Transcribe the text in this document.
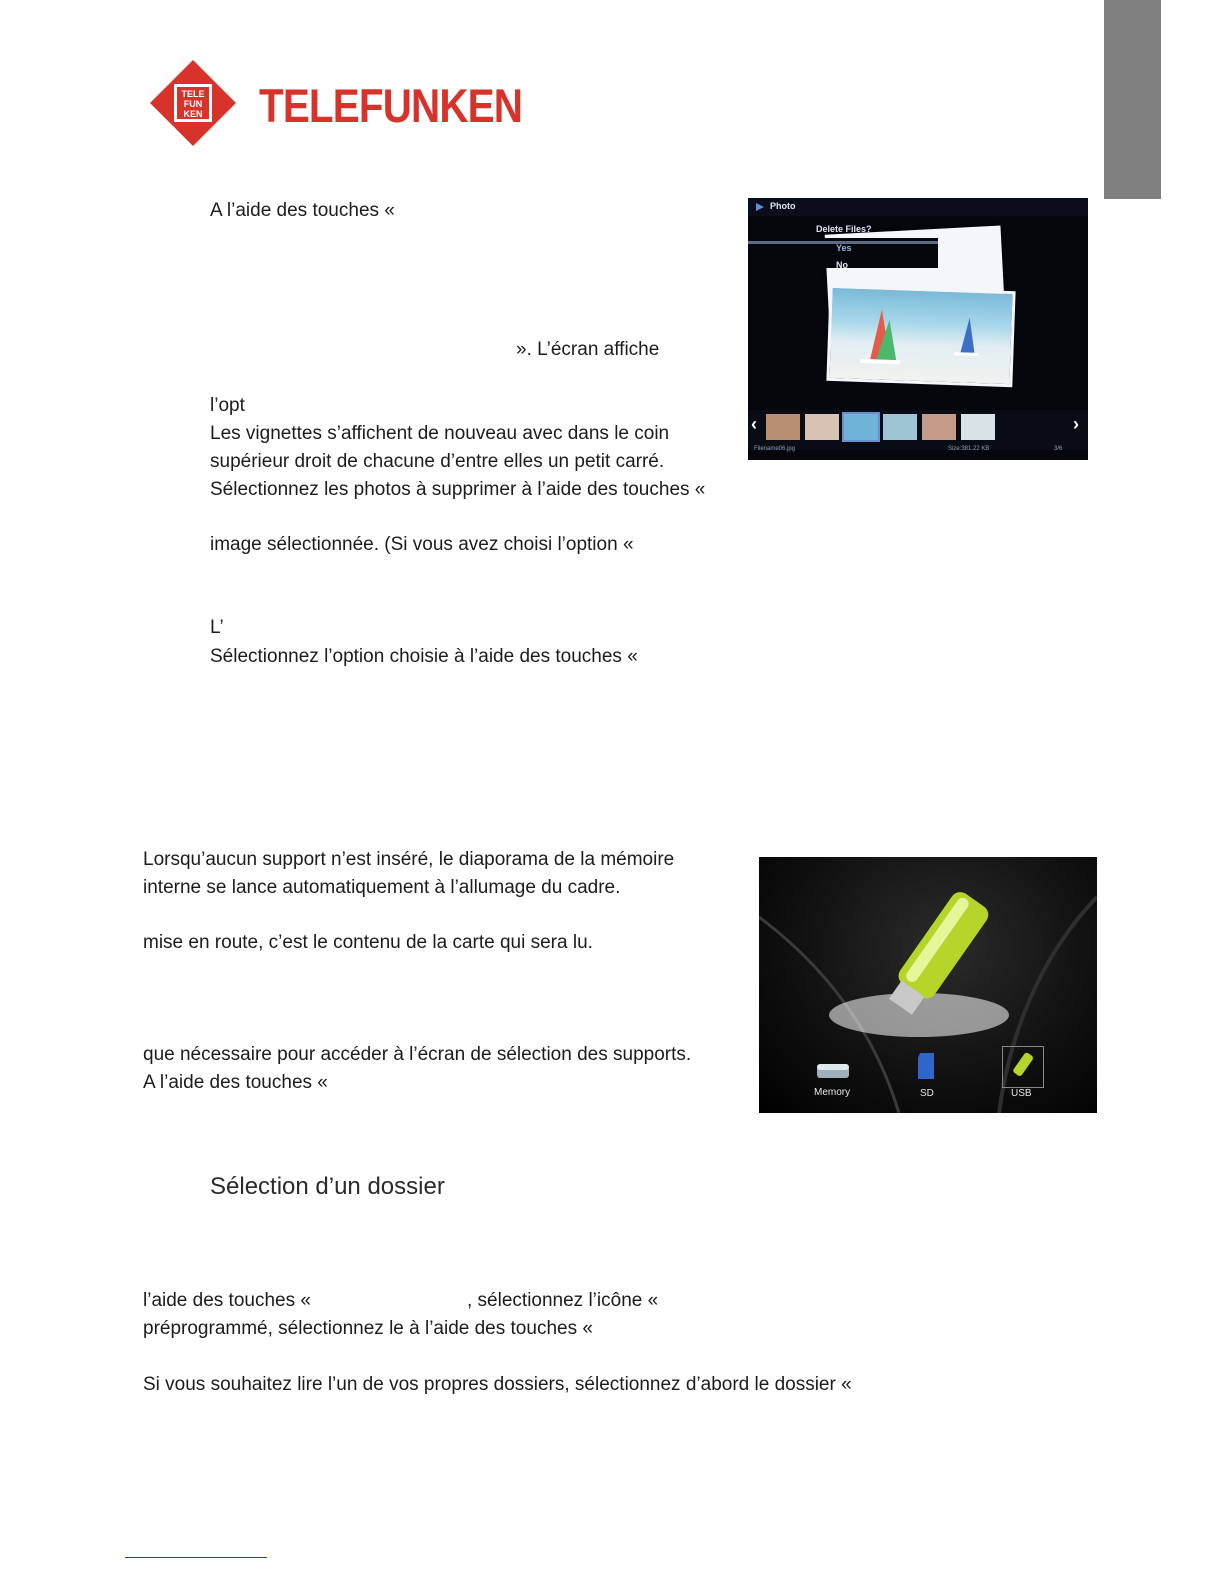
TELE
FUN
KEN TELEFUNKEN
A l’aide des touches «
». L’écran affiche
l’opt
Les vignettes s’affichent de nouveau avec dans le coin
supérieur droit de chacune d’entre elles un petit carré.
Sélectionnez les photos à supprimer à l’aide des touches «
image sélectionnée. (Si vous avez choisi l’option «
L’
Sélectionnez l’option choisie à l’aide des touches «
Photo
Delete Files?
Yes
No
‹	›
Filename06.jpg	Size:381.22 KB	3/6
Lorsqu’aucun support n’est inséré, le diaporama de la mémoire
interne se lance automatiquement à l’allumage du cadre.
mise en route, c’est le contenu de la carte qui sera lu.
que nécessaire pour accéder à l’écran de sélection des supports.
A l’aide des touches «	Memory	SD	USB
Sélection d’un dossier
l’aide des touches «	, sélectionnez l’icône «
préprogrammé, sélectionnez le à l’aide des touches «
Si vous souhaitez lire l’un de vos propres dossiers, sélectionnez d’abord le dossier «
